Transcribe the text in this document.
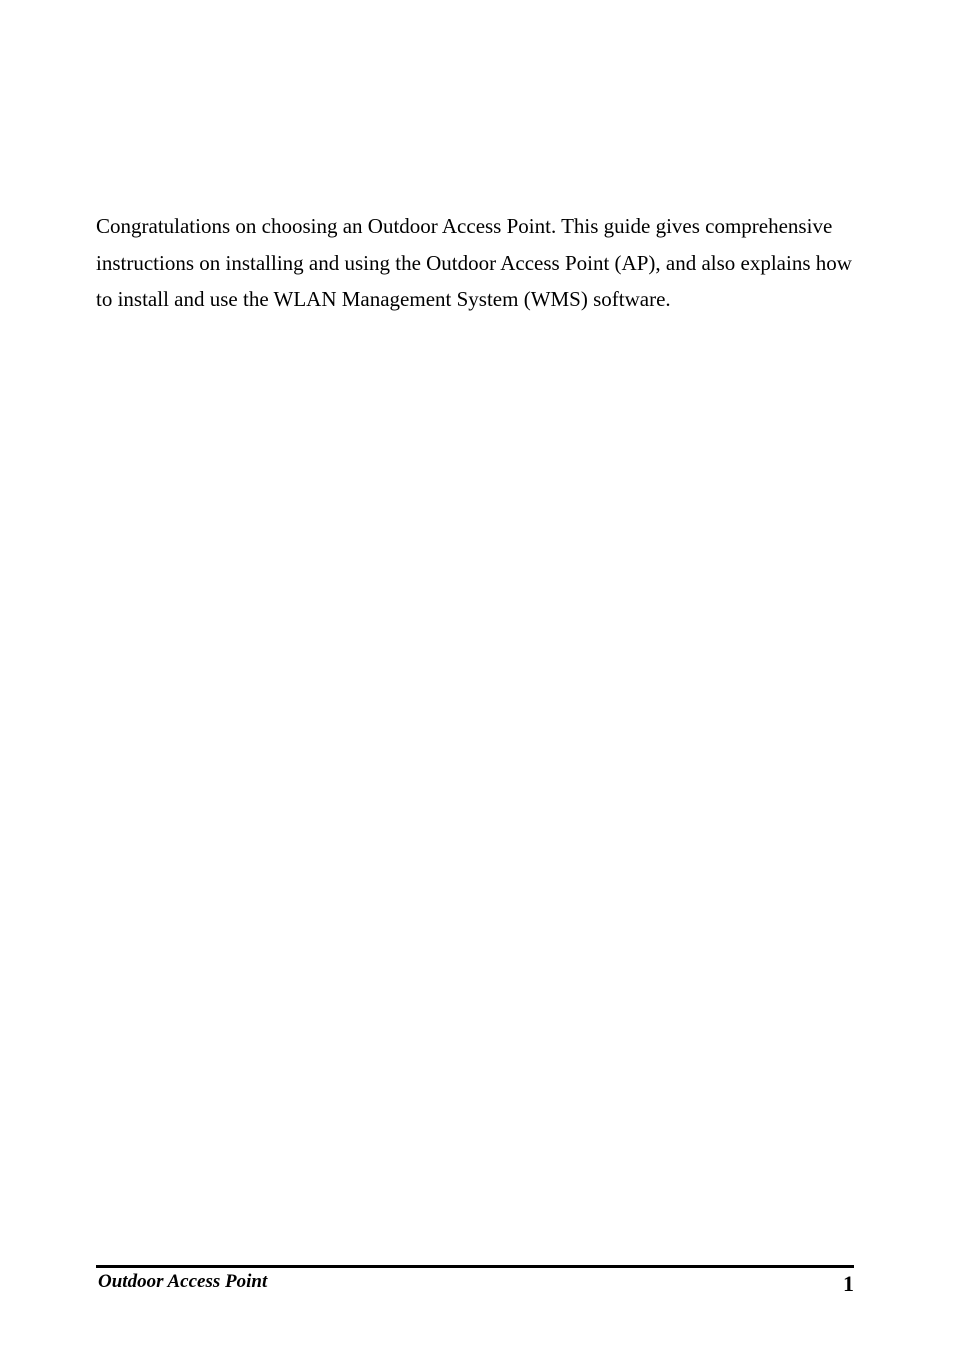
Congratulations on choosing an Outdoor Access Point. This guide gives comprehensive instructions on installing and using the Outdoor Access Point (AP), and also explains how to install and use the WLAN Management System (WMS) software.

Outdoor Access Point	1
